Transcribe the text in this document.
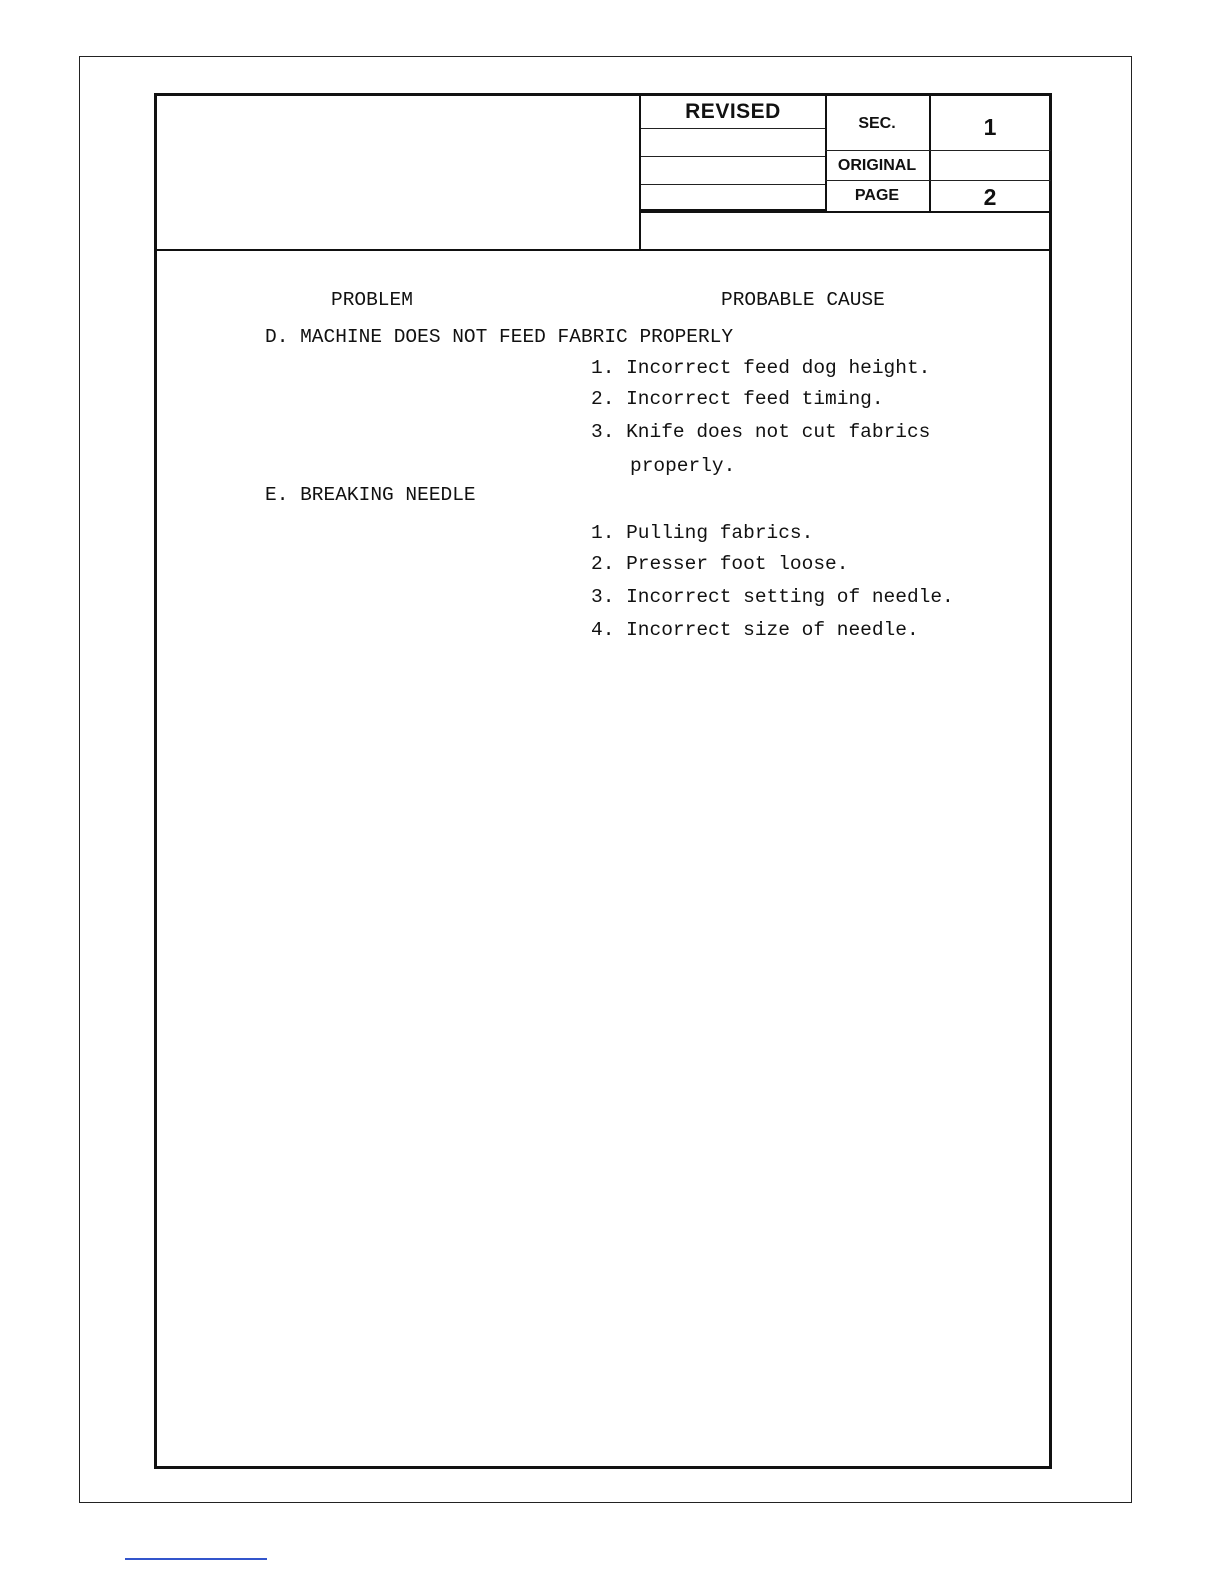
REVISED
SEC.
ORIGINAL
PAGE
1
2
PROBLEM	PROBABLE CAUSE
D. MACHINE DOES NOT FEED FABRIC PROPERLY
1. Incorrect feed dog height.
2. Incorrect feed timing.
3. Knife does not cut fabrics
properly.
E. BREAKING NEEDLE
1. Pulling fabrics.
2. Presser foot loose.
3. Incorrect setting of needle.
4. Incorrect size of needle.
